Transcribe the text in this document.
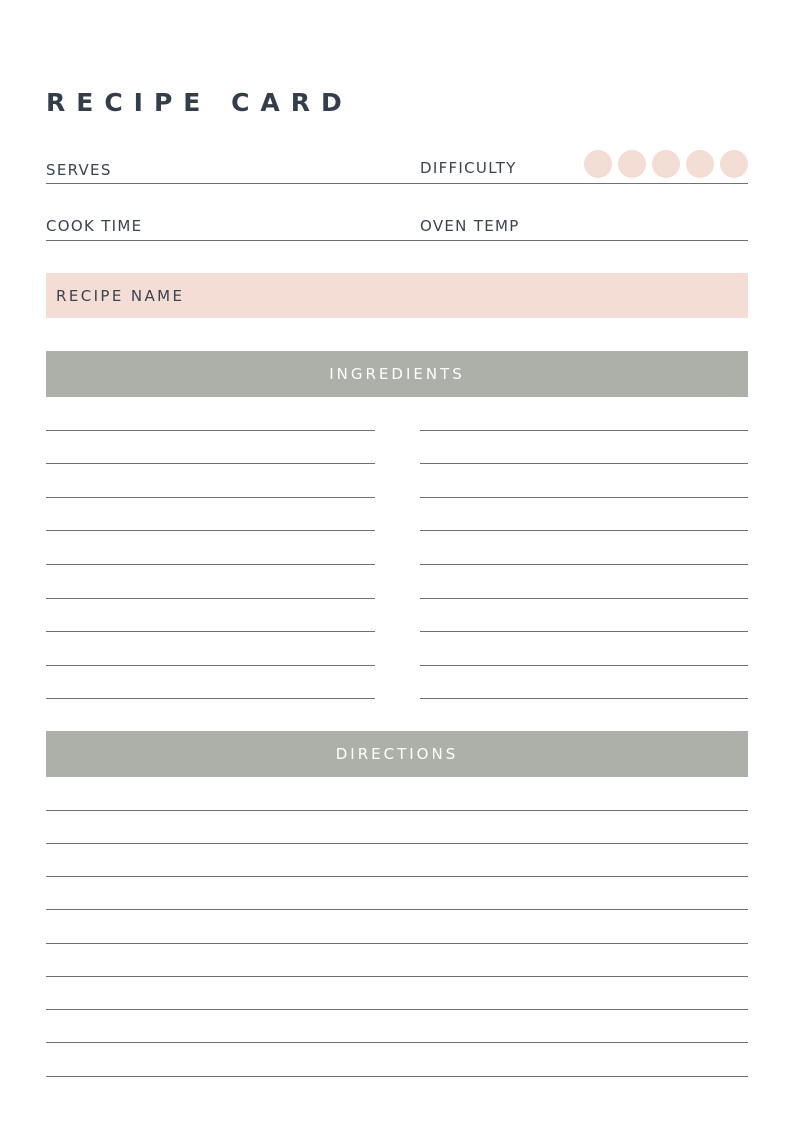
RECIPE CARD
SERVES	DIFFICULTY
COOK TIME	OVEN TEMP
RECIPE NAME
INGREDIENTS
DIRECTIONS
